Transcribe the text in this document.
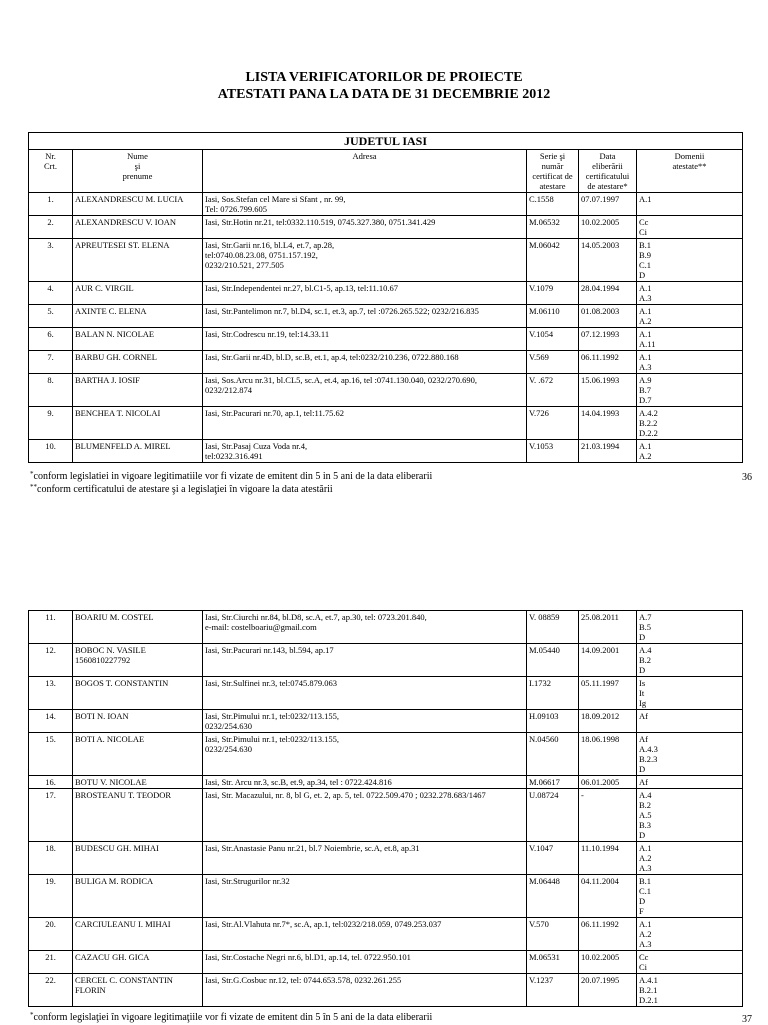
LISTA VERIFICATORILOR DE PROIECTE
ATESTATI PANA LA DATA DE 31 DECEMBRIE 2012
JUDETUL IASI					

Nr.
Crt.	Nume
şi
prenume	Adresa	Serie şi
număr
certificat de
atestare	Data
eliberării
certificatului
de atestare*	Domenii
atestate**

1.	ALEXANDRESCU M. LUCIA	Iasi, Sos.Stefan cel Mare si Sfant , nr. 99,
Tel: 0726.799.605	C.1558	07.07.1997	A.1

2.	ALEXANDRESCU V. IOAN	Iasi, Str.Hotin nr.21, tel:0332.110.519, 0745.327.380, 0751.341.429	M.06532	10.02.2005	Cc
Ci

3.	APREUTESEI ST. ELENA	Iasi, Str.Garii nr.16, bl.L4, et.7, ap.28,
tel:0740.08.23.08, 0751.157.192,
0232/210.521, 277.505	M.06042	14.05.2003	B.1
B.9
C.1
D

4.	AUR C. VIRGIL	Iasi, Str.Independentei nr.27, bl.C1-5, ap.13, tel:11.10.67	V.1079	28.04.1994	A.1
A.3

5.	AXINTE C. ELENA	Iasi, Str.Pantelimon nr.7, bl.D4, sc.1, et.3, ap.7, tel :0726.265.522; 0232/216.835	M.06110	01.08.2003	A.1
A.2

6.	BALAN N. NICOLAE	Iasi, Str.Codrescu nr.19, tel:14.33.11	V.1054	07.12.1993	A.1
A.11

7.	BARBU GH. CORNEL	Iasi, Str.Garii nr.4D, bl.D, sc.B, et.1, ap.4, tel:0232/210.236, 0722.880.168	V.569	06.11.1992	A.1
A.3

8.	BARTHA J. IOSIF	Iasi, Sos.Arcu nr.31, bl.CL5, sc.A, et.4, ap.16, tel :0741.130.040, 0232/270.690,
0232/212.874	V. .672	15.06.1993	A.9
B.7
D.7

9.	BENCHEA T. NICOLAI	Iasi, Str.Pacurari nr.70, ap.1, tel:11.75.62	V.726	14.04.1993	A.4.2
B.2.2
D.2.2

10.	BLUMENFELD A. MIREL	Iasi, Str.Pasaj Cuza Voda nr.4,
tel:0232.316.491	V.1053	21.03.1994	A.1
A.2
*conform legislatiei in vigoare legitimatiile vor fi vizate de emitent din 5 in 5 ani de la data eliberarii
**conform certificatului de atestare şi a legislaţiei în vigoare la data atestării
36
11.	BOARIU M. COSTEL	Iasi, Str.Ciurchi nr.84, bl.D8, sc.A, et.7, ap.30, tel: 0723.201.840,
e-mail: costelboariu@gmail.com	V. 08859	25.08.2011	A.7
B.5
D

12.	BOBOC N. VASILE
1560810227792	Iasi, Str.Pacurari nr.143, bl.594, ap.17	M.05440	14.09.2001	A.4
B.2
D

13.	BOGOS T. CONSTANTIN	Iasi, Str.Sulfinei nr.3, tel:0745.879.063	I.1732	05.11.1997	Is
It
Ig

14.	BOTI N. IOAN	Iasi, Str.Pimului nr.1, tel:0232/113.155,
0232/254.630	H.09103	18.09.2012	Af

15.	BOTI A. NICOLAE	Iasi, Str.Pimului nr.1, tel:0232/113.155,
0232/254.630	N.04560	18.06.1998	Af
A.4.3
B.2.3
D

16.	BOTU V. NICOLAE	Iasi, Str. Arcu nr.3, sc.B, et.9, ap.34, tel : 0722.424.816	M.06617	06.01.2005	Af

17.	BROSTEANU T. TEODOR	Iasi, Str. Macazului, nr. 8, bl G, et. 2, ap. 5, tel. 0722.509.470 ; 0232.278.683/1467	U.08724	-	A.4
B.2
A.5
B.3
D

18.	BUDESCU GH. MIHAI	Iasi, Str.Anastasie Panu nr.21, bl.7 Noiembrie, sc.A, et.8, ap.31	V.1047	11.10.1994	A.1
A.2
A.3

19.	BULIGA M. RODICA	Iasi, Str.Strugurilor nr.32	M.06448	04.11.2004	B.1
C.1
D
F

20.	CARCIULEANU I. MIHAI	Iasi, Str.Al.Vlahuta nr.7*, sc.A, ap.1, tel:0232/218.059, 0749.253.037	V.570	06.11.1992	A.1
A.2
A.3

21.	CAZACU GH. GICA	Iasi, Str.Costache Negri nr.6, bl.D1, ap.14, tel. 0722.950.101	M.06531	10.02.2005	Cc
Ci

22.	CERCEL C. CONSTANTIN
FLORIN	Iasi, Str.G.Cosbuc nr.12, tel: 0744.653.578, 0232.261.255	V.1237	20.07.1995	A.4.1
B.2.1
D.2.1
*conform legislaţiei în vigoare legitimaţiile vor fi vizate de emitent din 5 în 5 ani de la data eliberarii	37
